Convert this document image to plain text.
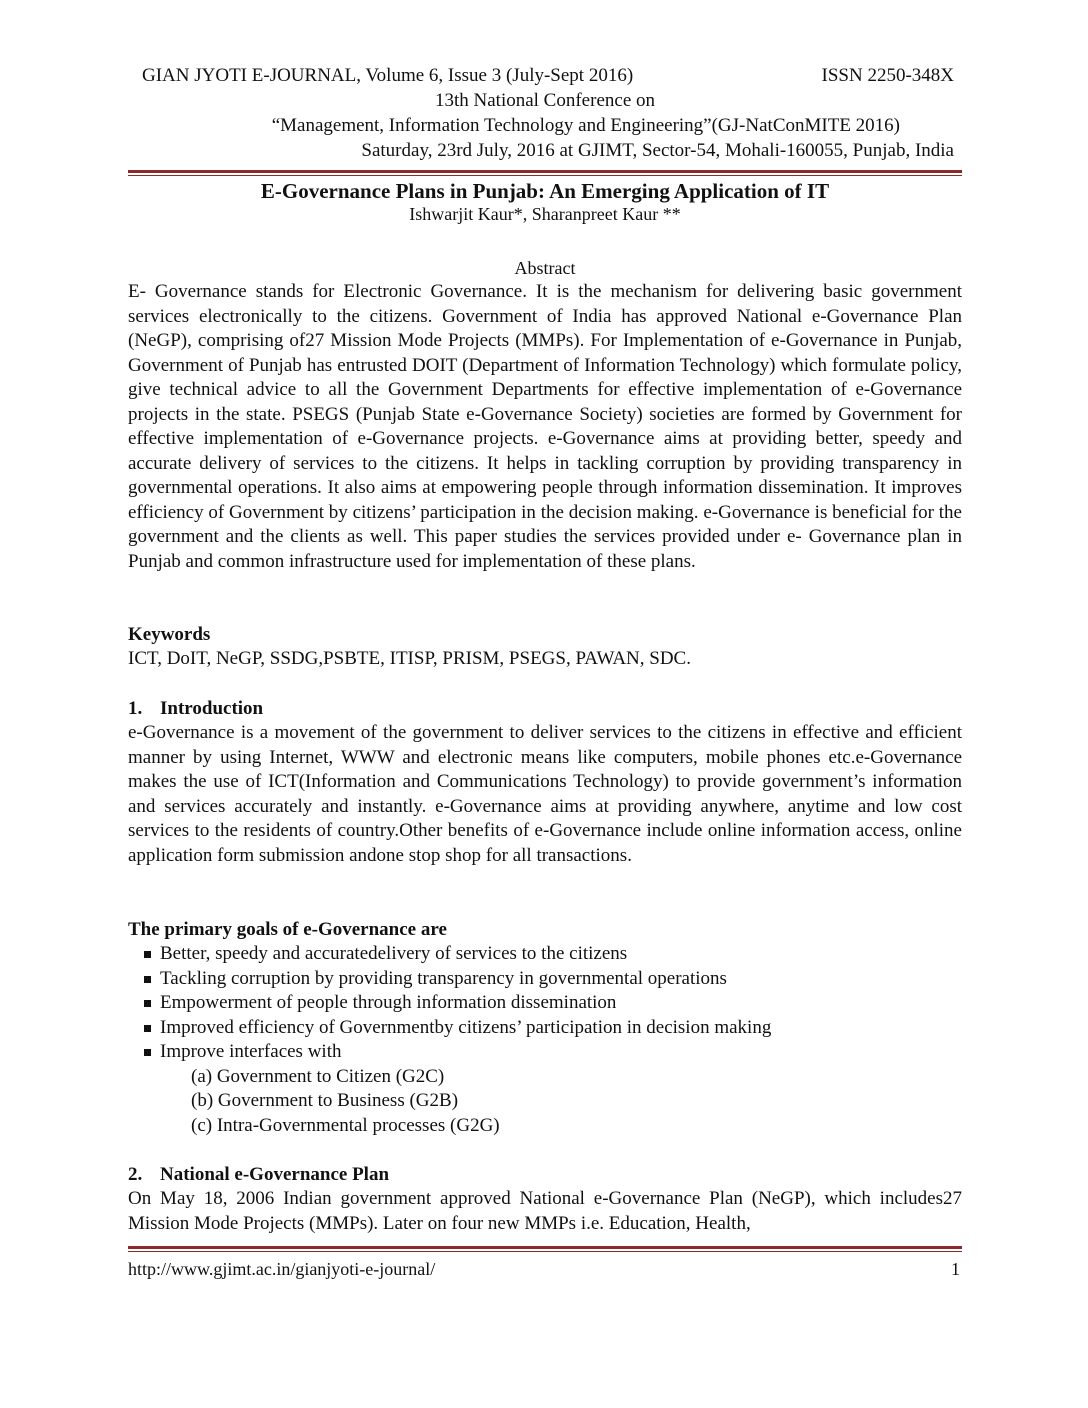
GIAN JYOTI E-JOURNAL, Volume 6, Issue 3 (July-Sept 2016)	ISSN 2250-348X
13th National Conference on
“Management, Information Technology and Engineering”(GJ-NatConMITE 2016)
Saturday, 23rd July, 2016 at GJIMT, Sector-54, Mohali-160055, Punjab, India
E-Governance Plans in Punjab: An Emerging Application of IT
Ishwarjit Kaur*, Sharanpreet Kaur **
Abstract
E- Governance stands for Electronic Governance. It is the mechanism for delivering basic government services electronically to the citizens. Government of India has approved National e-Governance Plan (NeGP), comprising of27 Mission Mode Projects (MMPs). For Implementation of e-Governance in Punjab, Government of Punjab has entrusted DOIT (Department of Information Technology) which formulate policy, give technical advice to all the Government Departments for effective implementation of e-Governance projects in the state. PSEGS (Punjab State e-Governance Society) societies are formed by Government for effective implementation of e-Governance projects. e-Governance aims at providing better, speedy and accurate delivery of services to the citizens. It helps in tackling corruption by providing transparency in governmental operations. It also aims at empowering people through information dissemination. It improves efficiency of Government by citizens’ participation in the decision making. e-Governance is beneficial for the government and the clients as well. This paper studies the services provided under e- Governance plan in Punjab and common infrastructure used for implementation of these plans.
Keywords
ICT, DoIT, NeGP, SSDG,PSBTE, ITISP, PRISM, PSEGS, PAWAN, SDC.
1. Introduction
e-Governance is a movement of the government to deliver services to the citizens in effective and efficient manner by using Internet, WWW and electronic means like computers, mobile phones etc.e-Governance makes the use of ICT(Information and Communications Technology) to provide government’s information and services accurately and instantly. e-Governance aims at providing anywhere, anytime and low cost services to the residents of country.Other benefits of e-Governance include online information access, online application form submission andone stop shop for all transactions.
The primary goals of e-Governance are
Better, speedy and accuratedelivery of services to the citizens
Tackling corruption by providing transparency in governmental operations
Empowerment of people through information dissemination
Improved efficiency of Governmentby citizens’ participation in decision making
Improve interfaces with
(a) Government to Citizen (G2C)
(b) Government to Business (G2B)
(c) Intra-Governmental processes (G2G)
2. National e-Governance Plan
On May 18, 2006 Indian government approved National e-Governance Plan (NeGP), which includes27 Mission Mode Projects (MMPs). Later on four new MMPs i.e. Education, Health,
http://www.gjimt.ac.in/gianjyoti-e-journal/	1
